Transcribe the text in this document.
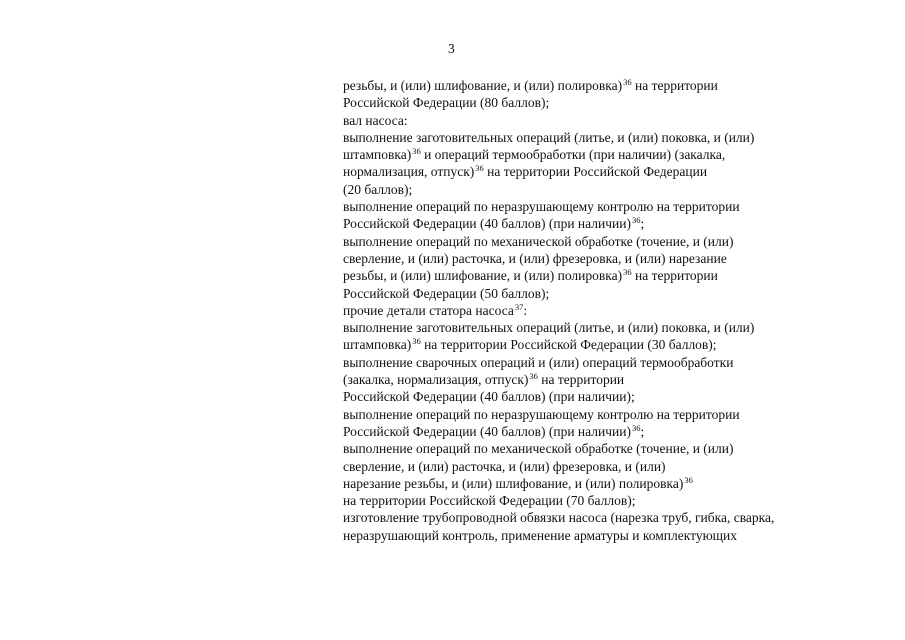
3
резьбы, и (или) шлифование, и (или) полировка)$^{36}$ на территории
Российской Федерации (80 баллов);
вал насоса:
выполнение заготовительных операций (литье, и (или) поковка, и (или)
штамповка)$^{36}$ и операций термообработки (при наличии) (закалка,
нормализация, отпуск)$^{36}$ на территории Российской Федерации
(20 баллов);
выполнение операций по неразрушающему контролю на территории
Российской Федерации (40 баллов) (при наличии)$^{36}$;
выполнение операций по механической обработке (точение, и (или)
сверление, и (или) расточка, и (или) фрезеровка, и (или) нарезание
резьбы, и (или) шлифование, и (или) полировка)$^{36}$ на территории
Российской Федерации (50 баллов);
прочие детали статора насоса$^{37}$:
выполнение заготовительных операций (литье, и (или) поковка, и (или)
штамповка)$^{36}$ на территории Российской Федерации (30 баллов);
выполнение сварочных операций и (или) операций термообработки
(закалка, нормализация, отпуск)$^{36}$ на территории
Российской Федерации (40 баллов) (при наличии);
выполнение операций по неразрушающему контролю на территории
Российской Федерации (40 баллов) (при наличии)$^{36}$;
выполнение операций по механической обработке (точение, и (или)
сверление, и (или) расточка, и (или) фрезеровка, и (или)
нарезание резьбы, и (или) шлифование, и (или) полировка)$^{36}$
на территории Российской Федерации (70 баллов);
изготовление трубопроводной обвязки насоса (нарезка труб, гибка, сварка,
неразрушающий контроль, применение арматуры и комплектующих
